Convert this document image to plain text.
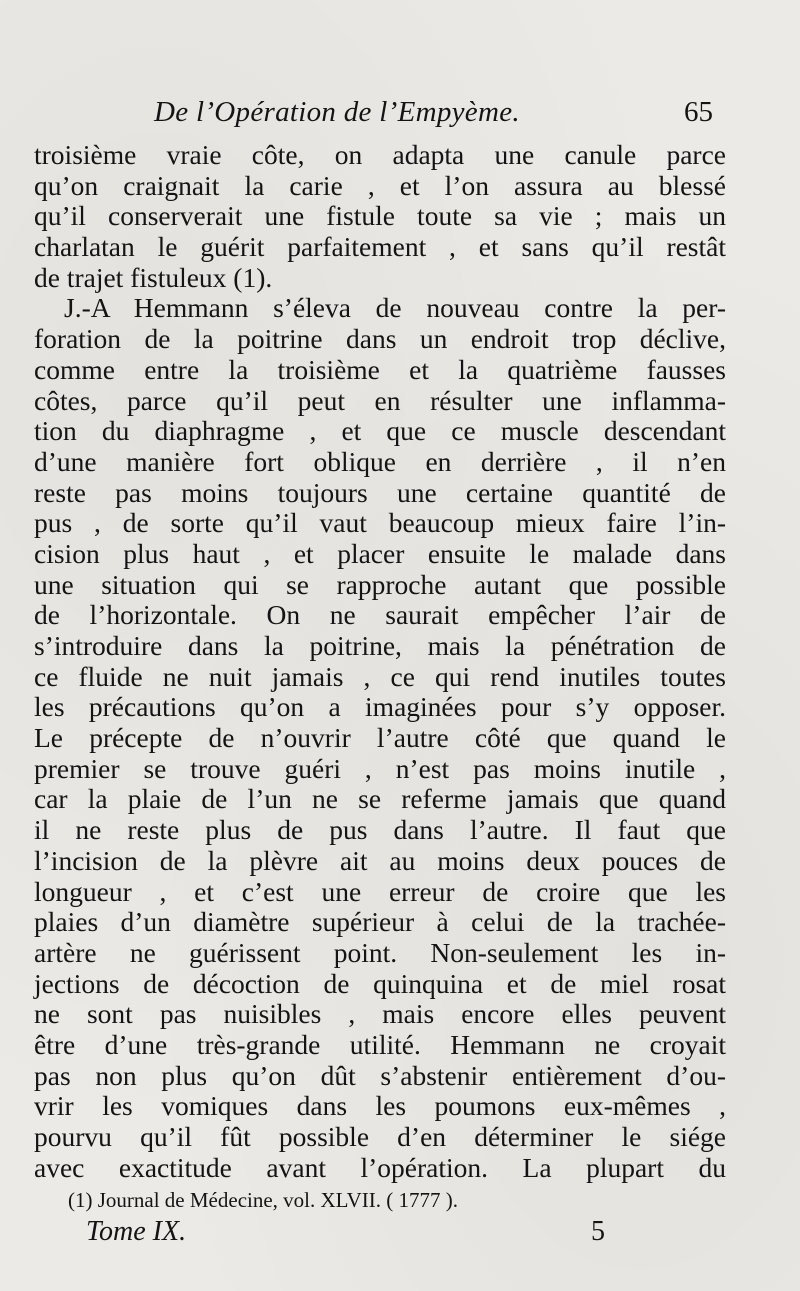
De l’Opération de l’Empyème.	65
troisième vraie côte, on adapta une canule parce
qu’on craignait la carie , et l’on assura au blessé
qu’il conserverait une fistule toute sa vie ; mais un
charlatan le guérit parfaitement , et sans qu’il restât
de trajet fistuleux (1).
J.-A Hemmann s’éleva de nouveau contre la per-
foration de la poitrine dans un endroit trop déclive,
comme entre la troisième et la quatrième fausses
côtes, parce qu’il peut en résulter une inflamma-
tion du diaphragme , et que ce muscle descendant
d’une manière fort oblique en derrière , il n’en
reste pas moins toujours une certaine quantité de
pus , de sorte qu’il vaut beaucoup mieux faire l’in-
cision plus haut , et placer ensuite le malade dans
une situation qui se rapproche autant que possible
de l’horizontale. On ne saurait empêcher l’air de
s’introduire dans la poitrine, mais la pénétration de
ce fluide ne nuit jamais , ce qui rend inutiles toutes
les précautions qu’on a imaginées pour s’y opposer.
Le précepte de n’ouvrir l’autre côté que quand le
premier se trouve guéri , n’est pas moins inutile ,
car la plaie de l’un ne se referme jamais que quand
il ne reste plus de pus dans l’autre. Il faut que
l’incision de la plèvre ait au moins deux pouces de
longueur , et c’est une erreur de croire que les
plaies d’un diamètre supérieur à celui de la trachée-
artère ne guérissent point. Non-seulement les in-
jections de décoction de quinquina et de miel rosat
ne sont pas nuisibles , mais encore elles peuvent
être d’une très-grande utilité. Hemmann ne croyait
pas non plus qu’on dût s’abstenir entièrement d’ou-
vrir les vomiques dans les poumons eux-mêmes ,
pourvu qu’il fût possible d’en déterminer le siége
avec exactitude avant l’opération. La plupart du
(1) Journal de Médecine, vol. XLVII. ( 1777 ).
Tome IX.	5
